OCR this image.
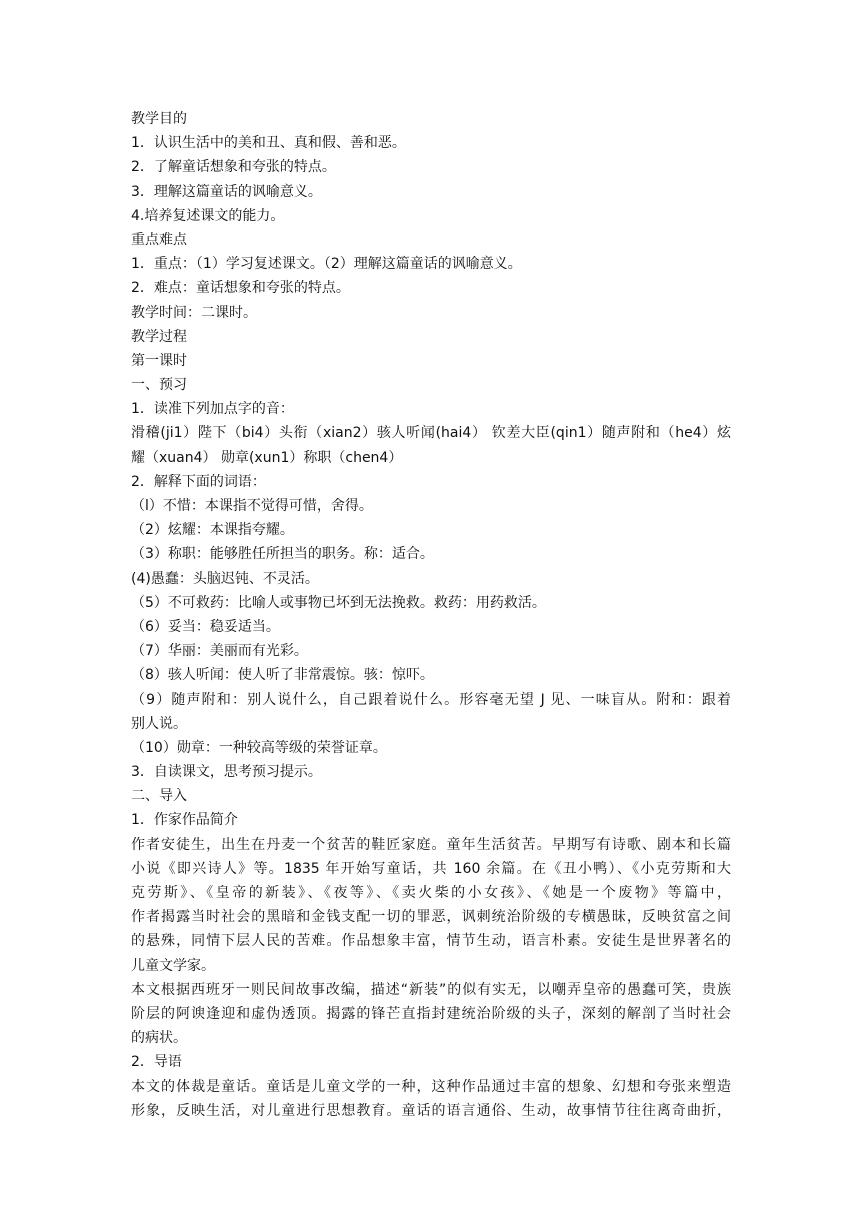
教学目的
1．认识生活中的美和丑、真和假、善和恶。
2．了解童话想象和夸张的特点。
3．理解这篇童话的讽喻意义。
4.培养复述课文的能力。
重点难点
1．重点：（1）学习复述课文。（2）理解这篇童话的讽喻意义。
2．难点：童话想象和夸张的特点。
教学时间：二课时。
教学过程
第一课时
一、预习
1．读准下列加点字的音：
滑稽(ji1）陛下（bi4）头衔（xian2）骇人听闻(hai4） 钦差大臣(qin1）随声附和（he4）炫
耀（xuan4） 勋章(xun1）称职（chen4）
2．解释下面的词语：
（l）不惜：本课指不觉得可惜，舍得。
（2）炫耀：本课指夸耀。
（3）称职：能够胜任所担当的职务。称：适合。
(4)愚蠢：头脑迟钝、不灵活。
（5）不可救药：比喻人或事物已坏到无法挽救。救药：用药救活。
（6）妥当：稳妥适当。
（7）华丽：美丽而有光彩。
（8）骇人听闻：使人听了非常震惊。骇：惊吓。
（9）随声附和：别人说什么，自己跟着说什么。形容毫无望 J 见、一味盲从。附和：跟着
别人说。
（10）勋章：一种较高等级的荣誉证章。
3．自读课文，思考预习提示。
二、导入
1．作家作品简介
作者安徒生，出生在丹麦一个贫苦的鞋匠家庭。童年生活贫苦。早期写有诗歌、剧本和长篇
小说《即兴诗人》等。1835 年开始写童话，共 160 余篇。在《丑小鸭）、《小克劳斯和大
克劳斯》、《皇帝的新装》、《夜等》、《卖火柴的小女孩》、《她是一个废物》等篇中，
作者揭露当时社会的黑暗和金钱支配一切的罪恶，讽刺统治阶级的专横愚昧，反映贫富之间
的悬殊，同情下层人民的苦难。作品想象丰富，情节生动，语言朴素。安徒生是世界著名的
儿童文学家。
本文根据西班牙一则民间故事改编，描述“新装”的似有实无，以嘲弄皇帝的愚蠢可笑，贵族
阶层的阿谀逢迎和虚伪透顶。揭露的锋芒直指封建统治阶级的头子，深刻的解剖了当时社会
的病状。
2．导语
本文的体裁是童话。童话是儿童文学的一种，这种作品通过丰富的想象、幻想和夸张来塑造
形象，反映生活，对儿童进行思想教育。童话的语言通俗、生动，故事情节往往离奇曲折，
